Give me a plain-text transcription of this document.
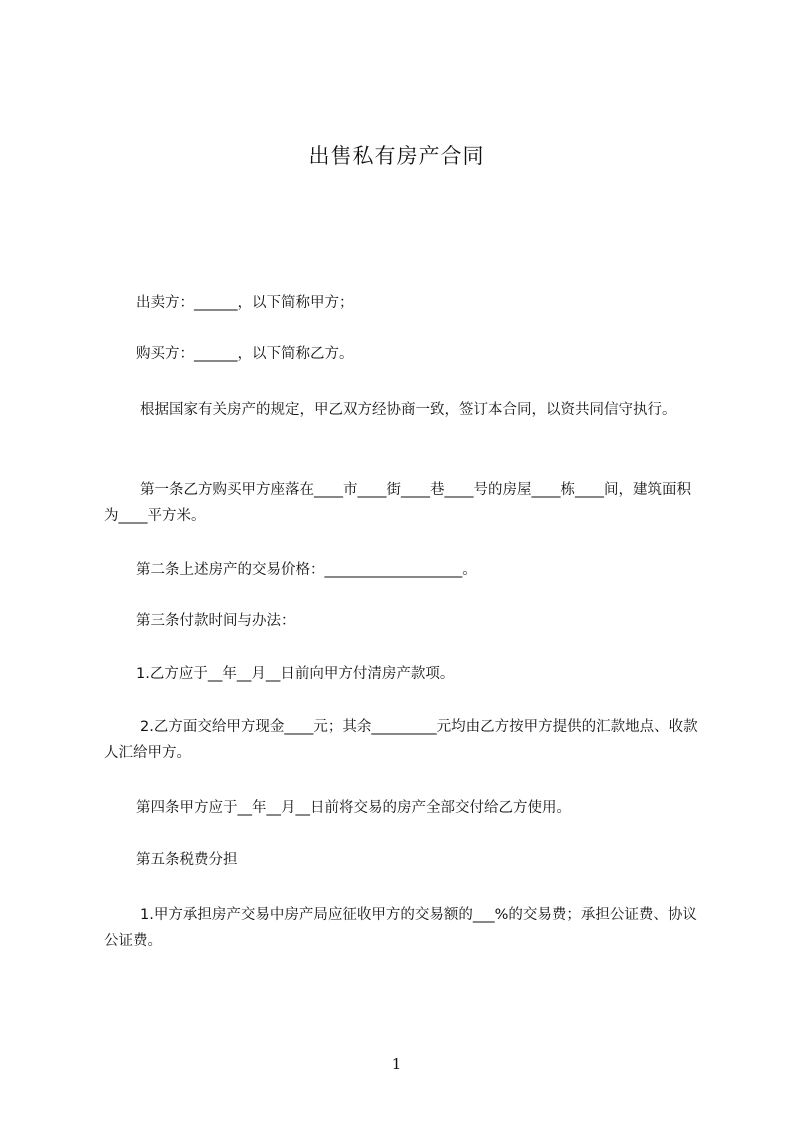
出售私有房产合同
出卖方：______，以下简称甲方；
购买方：______，以下简称乙方。
根据国家有关房产的规定，甲乙双方经协商一致，签订本合同，以资共同信守执行。
第一条乙方购买甲方座落在____市____街____巷____号的房屋____栋____间，建筑面积为____平方米。
第二条上述房产的交易价格：___________________。
第三条付款时间与办法：
1.乙方应于__年__月__日前向甲方付清房产款项。
2.乙方面交给甲方现金____元；其余_________元均由乙方按甲方提供的汇款地点、收款人汇给甲方。
第四条甲方应于__年__月__日前将交易的房产全部交付给乙方使用。
第五条税费分担
1.甲方承担房产交易中房产局应征收甲方的交易额的___%的交易费；承担公证费、协议公证费。
1
